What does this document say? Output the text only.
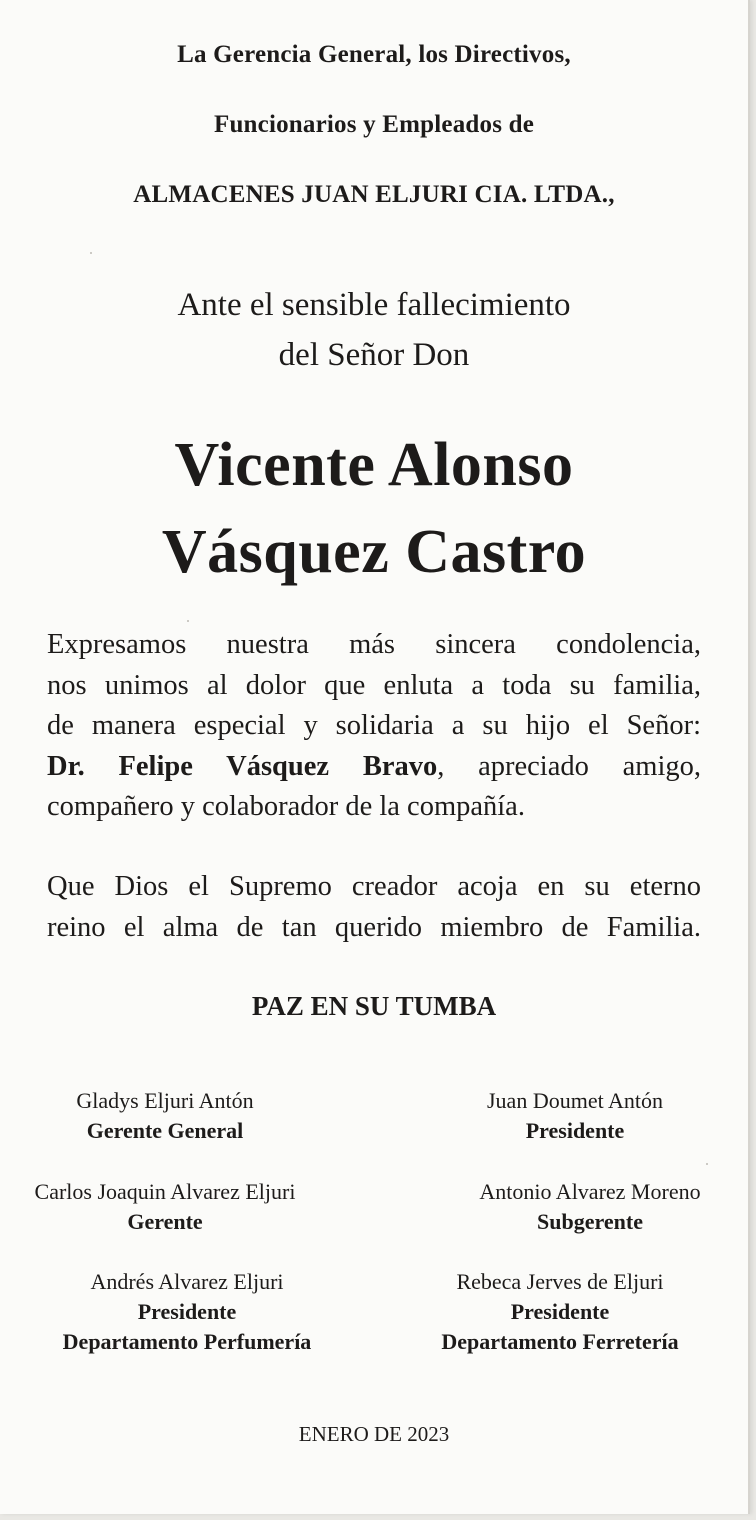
La Gerencia General, los Directivos,
Funcionarios y Empleados de
ALMACENES JUAN ELJURI CIA. LTDA.,
Ante el sensible fallecimiento
del Señor Don
Vicente Alonso
Vásquez Castro
Expresamos nuestra más sincera condolencia,
nos unimos al dolor que enluta a toda su familia,
de manera especial y solidaria a su hijo el Señor:
Dr. Felipe Vásquez Bravo, apreciado amigo,
compañero y colaborador de la compañía.
Que Dios el Supremo creador acoja en su eterno
reino el alma de tan querido miembro de Familia.
PAZ EN SU TUMBA
Gladys Eljuri Antón
Gerente General
Juan Doumet Antón
Presidente
Carlos Joaquin Alvarez Eljuri
Gerente
Antonio Alvarez Moreno
Subgerente
Andrés Alvarez Eljuri
Presidente
Departamento Perfumería
Rebeca Jerves de Eljuri
Presidente
Departamento Ferretería
ENERO DE 2023
